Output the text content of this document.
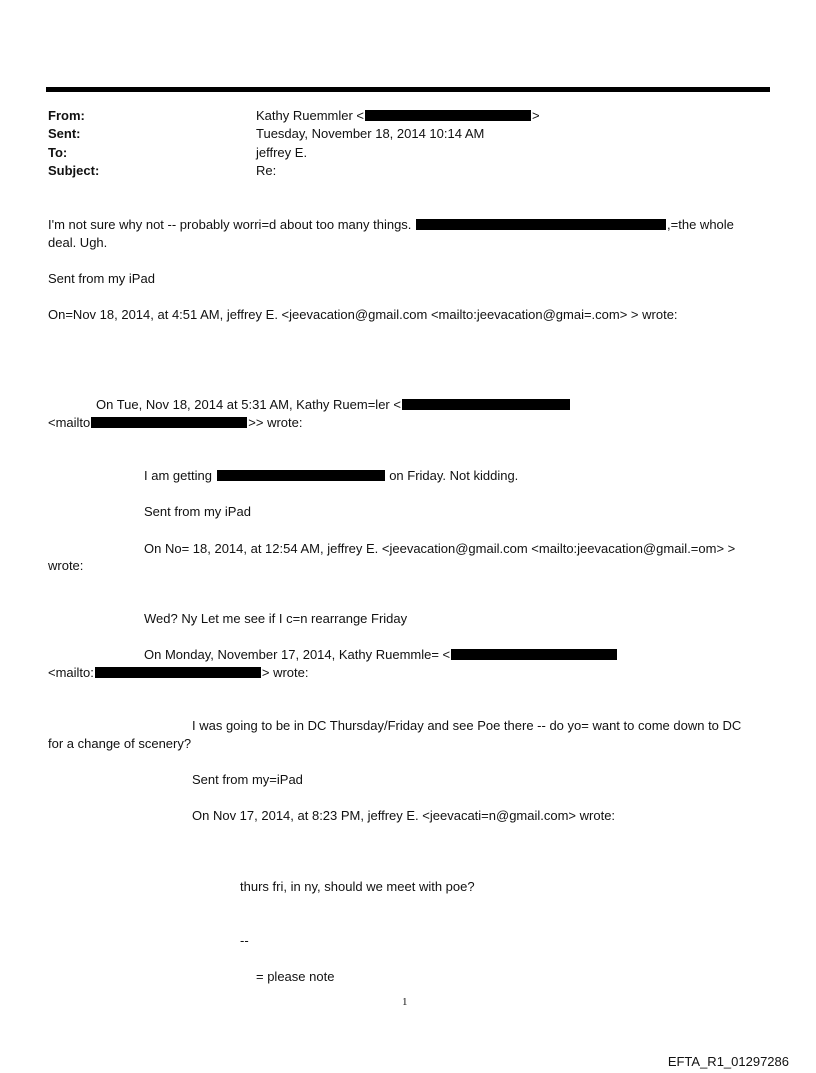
From:	Kathy Ruemmler <	>
Sent:	Tuesday, November 18, 2014 10:14 AM
To:	jeffrey E.
Subject:	Re:
I'm not sure why not -- probably worri=d about too many things.	,=the whole
deal. Ugh.
Sent from my iPad
On=Nov 18, 2014, at 4:51 AM, jeffrey E. <jeevacation@gmail.com <mailto:jeevacation@gmai=.com> > wrote:
On Tue, Nov 18, 2014 at 5:31 AM, Kathy Ruem=ler <
<mailto	>> wrote:
I am getting	on Friday. Not kidding.
Sent from my iPad
On No= 18, 2014, at 12:54 AM, jeffrey E. <jeevacation@gmail.com <mailto:jeevacation@gmail.=om> >
wrote:
Wed? Ny Let me see if I c=n rearrange Friday
On Monday, November 17, 2014, Kathy Ruemmle= <
<mailto:	> wrote:
I was going to be in DC Thursday/Friday and see Poe there -- do yo= want to come down to DC
for a change of scenery?
Sent from my=iPad
On Nov 17, 2014, at 8:23 PM, jeffrey E. <jeevacati=n@gmail.com> wrote:
thurs fri, in ny, should we meet with poe?
--
= please note
1
EFTA_R1_01297286
